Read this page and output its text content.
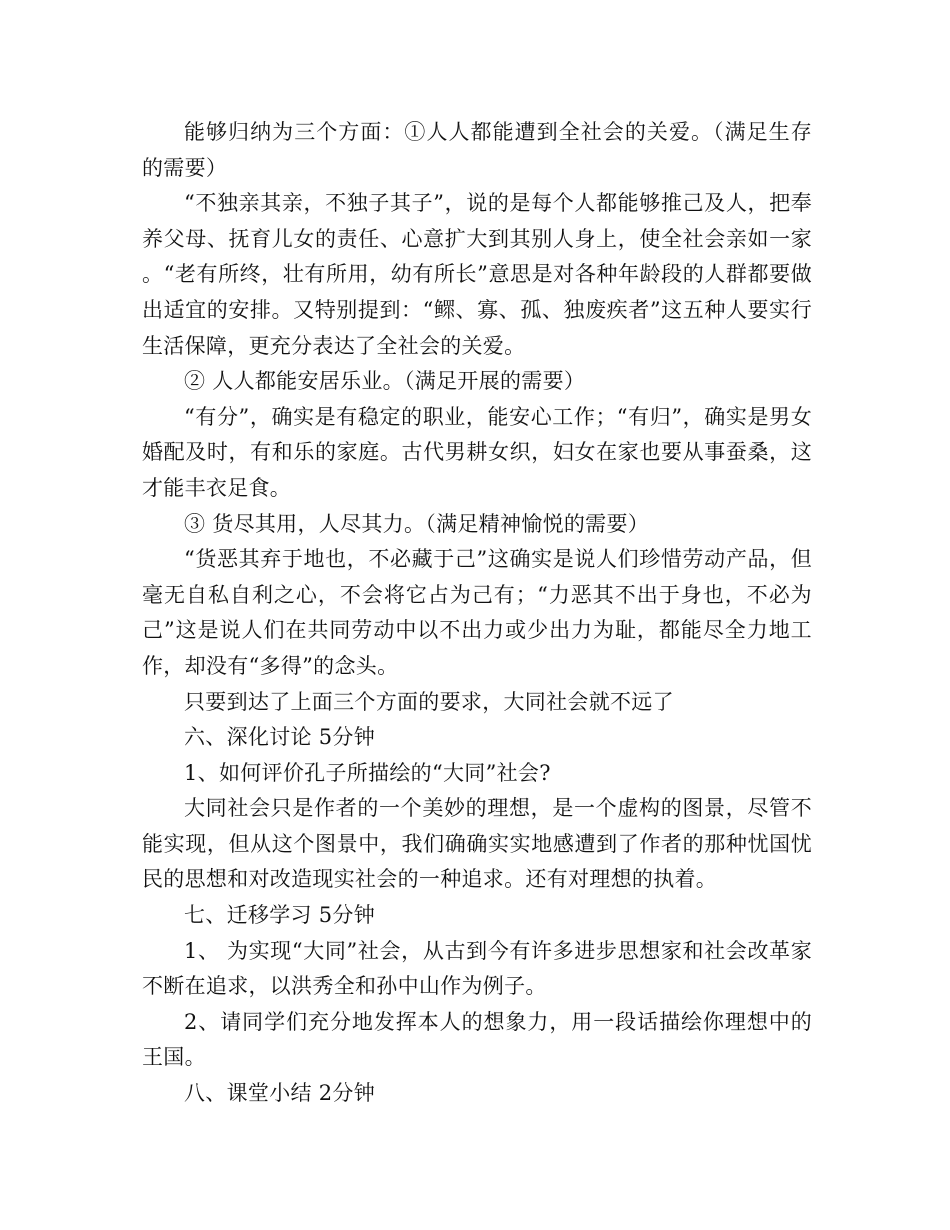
能够归纳为三个方面：①人人都能遭到全社会的关爱。（满足生存的需要）

“不独亲其亲，不独子其子”，说的是每个人都能够推己及人，把奉养父母、抚育儿女的责任、心意扩大到其别人身上，使全社会亲如一家。“老有所终，壮有所用，幼有所长”意思是对各种年龄段的人群都要做出适宜的安排。又特别提到：“鳏、寡、孤、独废疾者”这五种人要实行生活保障，更充分表达了全社会的关爱。

② 人人都能安居乐业。（满足开展的需要）

“有分”，确实是有稳定的职业，能安心工作；“有归”，确实是男女婚配及时，有和乐的家庭。古代男耕女织，妇女在家也要从事蚕桑，这才能丰衣足食。

③ 货尽其用，人尽其力。（满足精神愉悦的需要）

“货恶其弃于地也，不必藏于己”这确实是说人们珍惜劳动产品，但毫无自私自利之心，不会将它占为己有；“力恶其不出于身也，不必为己”这是说人们在共同劳动中以不出力或少出力为耻，都能尽全力地工作，却没有“多得”的念头。

只要到达了上面三个方面的要求，大同社会就不远了

六、深化讨论 5分钟

1、如何评价孔子所描绘的“大同”社会?

大同社会只是作者的一个美妙的理想，是一个虚构的图景，尽管不能实现，但从这个图景中，我们确确实实地感遭到了作者的那种忧国忧民的思想和对改造现实社会的一种追求。还有对理想的执着。

七、迁移学习 5分钟

1、 为实现“大同”社会，从古到今有许多进步思想家和社会改革家不断在追求，以洪秀全和孙中山作为例子。

2、请同学们充分地发挥本人的想象力，用一段话描绘你理想中的王国。

八、课堂小结 2分钟
